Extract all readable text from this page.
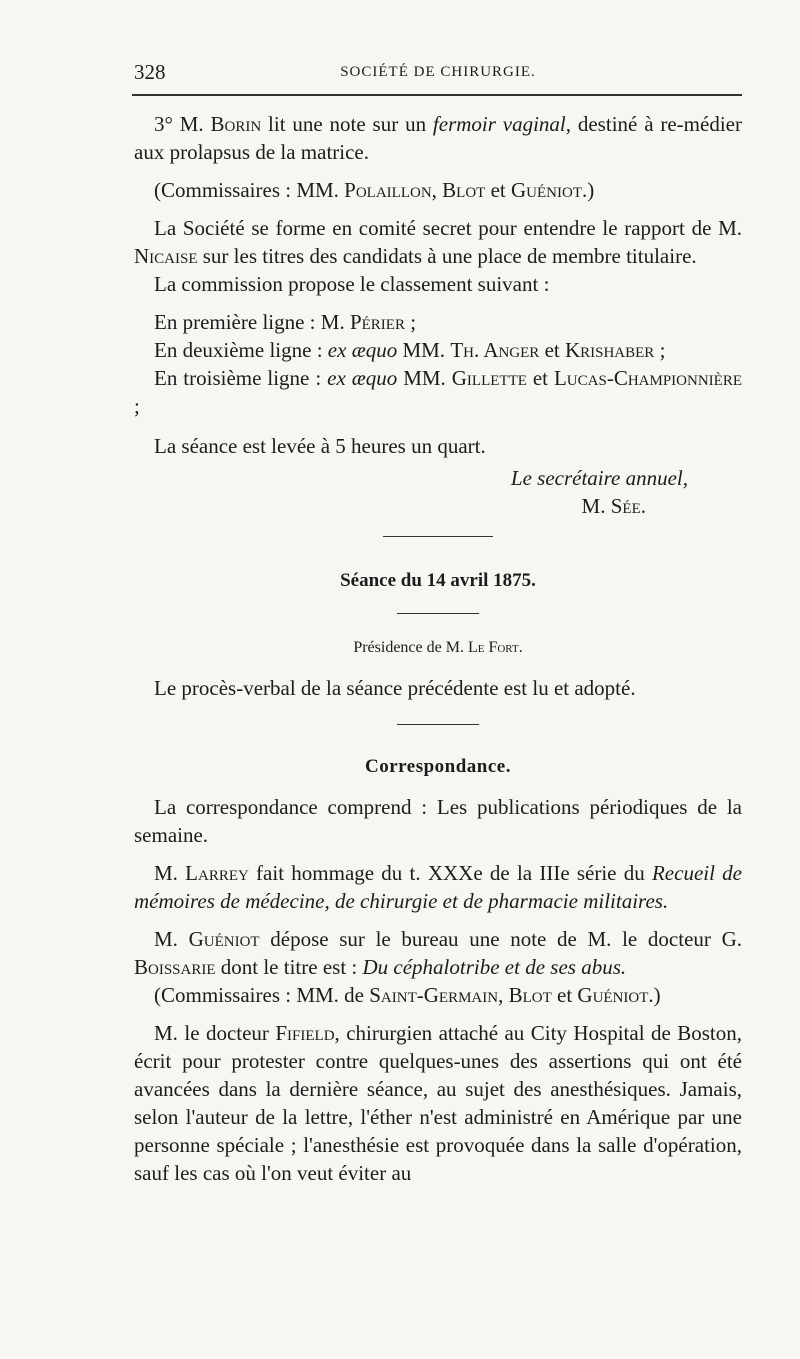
328	SOCIÉTÉ DE CHIRURGIE.

3° M. Borin lit une note sur un fermoir vaginal, destiné à re-médier aux prolapsus de la matrice.

(Commissaires : MM. Polaillon, Blot et Guéniot.)

La Société se forme en comité secret pour entendre le rapport de M. Nicaise sur les titres des candidats à une place de membre titulaire.

La commission propose le classement suivant :

En première ligne : M. Périer ;

En deuxième ligne : ex æquo MM. Th. Anger et Krishaber ;

En troisième ligne : ex æquo MM. Gillette et Lucas-Championnière ;

La séance est levée à 5 heures un quart.

Le secrétaire annuel,

M. Sée.

Séance du 14 avril 1875.

Présidence de M. Le Fort.

Le procès-verbal de la séance précédente est lu et adopté.

Correspondance.

La correspondance comprend : Les publications périodiques de la semaine.

M. Larrey fait hommage du t. XXXe de la IIIe série du Recueil de mémoires de médecine, de chirurgie et de pharmacie militaires.

M. Guéniot dépose sur le bureau une note de M. le docteur G. Boissarie dont le titre est : Du céphalotribe et de ses abus.

(Commissaires : MM. de Saint-Germain, Blot et Guéniot.)

M. le docteur Fifield, chirurgien attaché au City Hospital de Boston, écrit pour protester contre quelques-unes des assertions qui ont été avancées dans la dernière séance, au sujet des anesthésiques. Jamais, selon l'auteur de la lettre, l'éther n'est administré en Amérique par une personne spéciale ; l'anesthésie est provoquée dans la salle d'opération, sauf les cas où l'on veut éviter au
